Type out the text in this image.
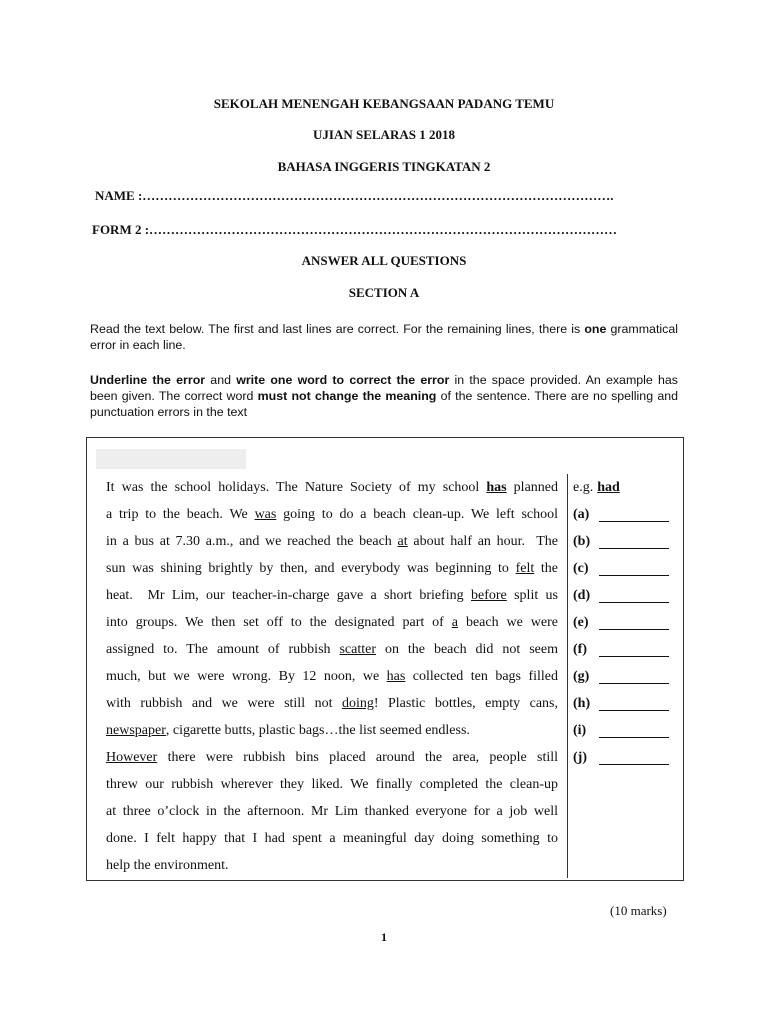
SEKOLAH MENENGAH KEBANGSAAN PADANG TEMU
UJIAN SELARAS 1 2018
BAHASA INGGERIS TINGKATAN 2
NAME :……………………………………………………………………………………………….
FORM 2 :………………………………………………………………………………………………
ANSWER ALL QUESTIONS
SECTION A
Read the text below. The first and last lines are correct. For the remaining lines, there is one grammatical error in each line.
Underline the error and write one word to correct the error in the space provided. An example has been given. The correct word must not change the meaning of the sentence. There are no spelling and punctuation errors in the text
It was the school holidays. The Nature Society of my school has planned
a trip to the beach. We was going to do a beach clean-up. We left school
in a bus at 7.30 a.m., and we reached the beach at about half an hour.  The
sun was shining brightly by then, and everybody was beginning to felt the
heat.  Mr Lim, our teacher-in-charge gave a short briefing before split us
into groups. We then set off to the designated part of a beach we were
assigned to. The amount of rubbish scatter on the beach did not seem
much, but we were wrong. By 12 noon, we has collected ten bags filled
with rubbish and we were still not doing ! Plastic bottles, empty cans,
newspaper , cigarette butts, plastic bags…the list seemed endless.
However there were rubbish bins placed around the area, people still
threw our rubbish wherever they liked. We finally completed the clean-up
at three o’clock in the afternoon. Mr Lim thanked everyone for a job well
done. I felt happy that I had spent a meaningful day doing something to
help the environment.
e.g. had
(a)
(b)
(c)
(d)
(e)
(f)
(g)
(h)
(i)
(j)
(10 marks)
1
